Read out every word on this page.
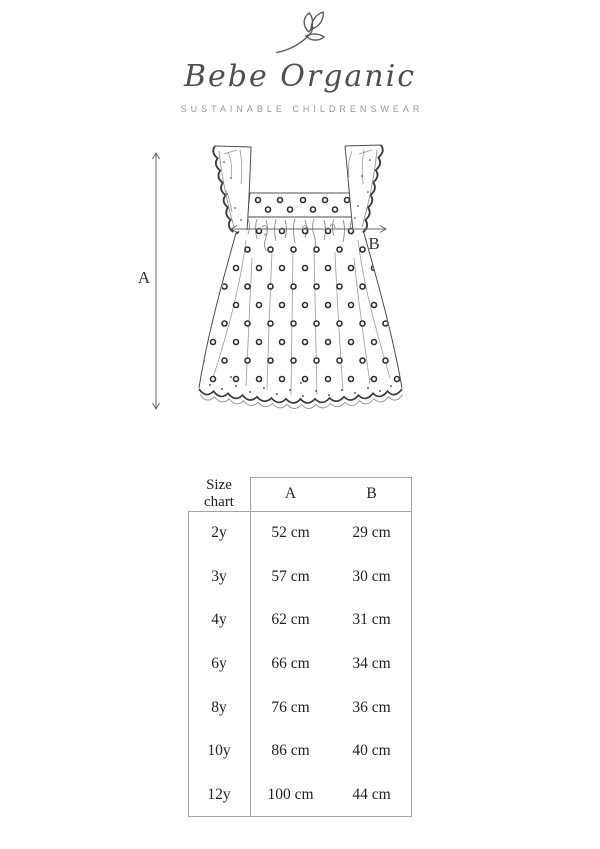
Bebe Organic
SUSTAINABLE CHILDRENSWEAR
A
B
Size chart	A	B
2y	52 cm	29 cm
3y	57 cm	30 cm
4y	62 cm	31 cm
6y	66 cm	34 cm
8y	76 cm	36 cm
10y	86 cm	40 cm
12y	100 cm	44 cm
